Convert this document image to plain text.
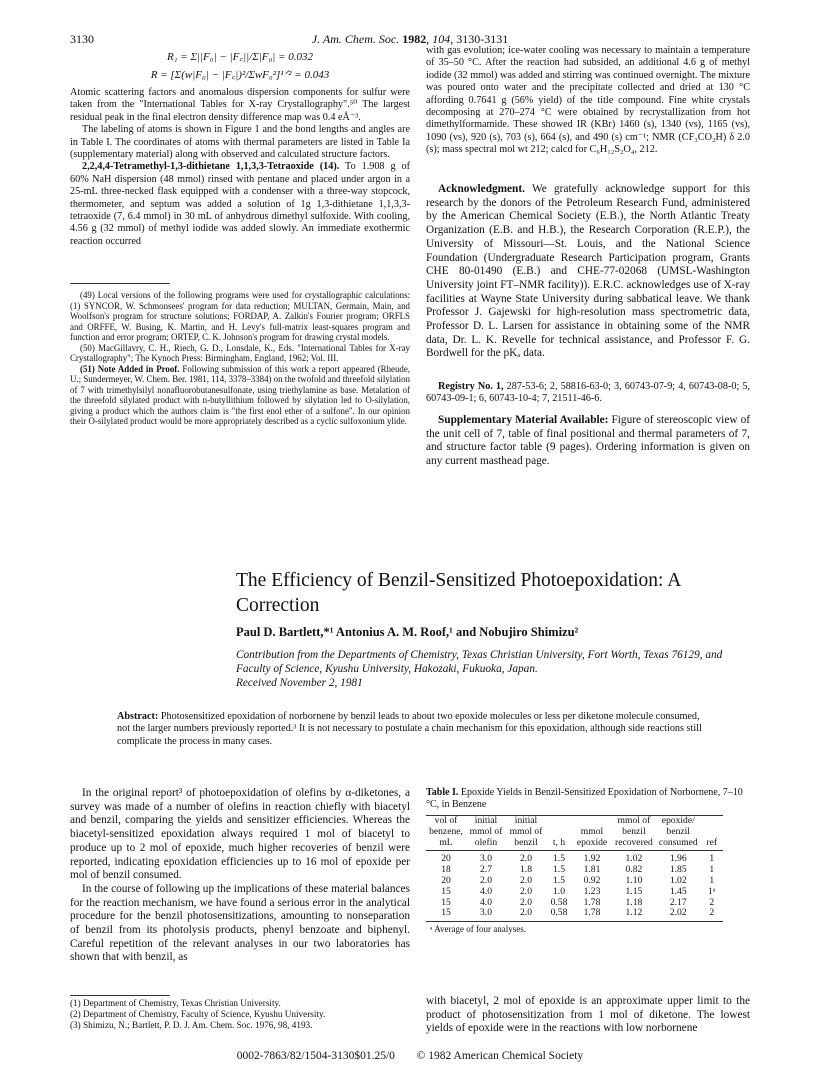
3130	J. Am. Chem. Soc. 1982, 104, 3130-3131
R₁ = Σ||F₀| − |F꜀||/Σ|F₀| = 0.032
R = [Σ(w|F₀| − |F꜀|)²/ΣwF₀²]¹ᐟ² = 0.043

Atomic scattering factors and anomalous dispersion components for sulfur were taken from the "International Tables for X-ray Crystallography".⁵⁰ The largest residual peak in the final electron density difference map was 0.4 eÅ⁻³.

The labeling of atoms is shown in Figure 1 and the bond lengths and angles are in Table I. The coordinates of atoms with thermal parameters are listed in Table Ia (supplementary material) along with observed and calculated structure factors.

2,2,4,4-Tetramethyl-1,3-dithietane 1,1,3,3-Tetraoxide (14). To 1.908 g of 60% NaH dispersion (48 mmol) rinsed with pentane and placed under argon in a 25-mL three-necked flask equipped with a condenser with a three-way stopcock, thermometer, and septum was added a solution of 1g 1,3-dithietane 1,1,3,3-tetraoxide (7, 6.4 mmol) in 30 mL of anhydrous dimethyl sulfoxide. With cooling, 4.56 g (32 mmol) of methyl iodide was added slowly. An immediate exothermic reaction occurred

(49) Local versions of the following programs were used for crystallographic calculations: (1) SYNCOR, W. Schmonsees' program for data reduction; MULTAN, Germain, Main, and Woolfson's program for structure solutions; FORDAP, A. Zalkin's Fourier program; ORFLS and ORFFE, W. Busing, K. Martin, and H. Levy's full-matrix least-squares program and function and error program; ORTEP, C. K. Johnson's program for drawing crystal models.

(50) MacGillavry, C. H., Riech, G. D., Lonsdale, K., Eds. "International Tables for X-ray Crystallography"; The Kynoch Press: Birmingham, England, 1962; Vol. III.

(51) Note Added in Proof. Following submission of this work a report appeared (Rheude, U.; Sundermeyer, W. Chem. Ber. 1981, 114, 3378–3384) on the twofold and threefold silylation of 7 with trimethylsilyl nonafluorobutanesulfonate, using triethylamine as base. Metalation of the threefold silylated product with n-butyllithium followed by silylation led to O-silylation, giving a product which the authors claim is "the first enol ether of a sulfone". In our opinion their O-silylated product would be more appropriately described as a cyclic sulfoxonium ylide.

with gas evolution; ice-water cooling was necessary to maintain a temperature of 35–50 °C. After the reaction had subsided, an additional 4.6 g of methyl iodide (32 mmol) was added and stirring was continued overnight. The mixture was poured onto water and the precipitate collected and dried at 130 °C affording 0.7641 g (56% yield) of the title compound. Fine white crystals decomposing at 270–274 °C were obtained by recrystallization from hot dimethylformamide. These showed IR (KBr) 1460 (s), 1340 (vs), 1165 (vs), 1090 (vs), 920 (s), 703 (s), 664 (s), and 490 (s) cm⁻¹; NMR (CF₃CO₂H) δ 2.0 (s); mass spectral mol wt 212; calcd for C₆H₁₂S₂O₄, 212.

Acknowledgment. We gratefully acknowledge support for this research by the donors of the Petroleum Research Fund, administered by the American Chemical Society (E.B.), the North Atlantic Treaty Organization (E.B. and H.B.), the Research Corporation (R.E.P.), the University of Missouri—St. Louis, and the National Science Foundation (Undergraduate Research Participation program, Grants CHE 80-01490 (E.B.) and CHE-77-02068 (UMSL-Washington University joint FT–NMR facility)). E.R.C. acknowledges use of X-ray facilities at Wayne State University during sabbatical leave. We thank Professor J. Gajewski for high-resolution mass spectrometric data, Professor D. L. Larsen for assistance in obtaining some of the NMR data, Dr. L. K. Revelle for technical assistance, and Professor F. G. Bordwell for the pKₐ data.

Registry No. 1, 287-53-6; 2, 58816-63-0; 3, 60743-07-9; 4, 60743-08-0; 5, 60743-09-1; 6, 60743-10-4; 7, 21511-46-6.

Supplementary Material Available: Figure of stereoscopic view of the unit cell of 7, table of final positional and thermal parameters of 7, and structure factor table (9 pages). Ordering information is given on any current masthead page.

The Efficiency of Benzil-Sensitized Photoepoxidation: A Correction
Paul D. Bartlett,*¹ Antonius A. M. Roof,¹ and Nobujiro Shimizu²
Contribution from the Departments of Chemistry, Texas Christian University, Fort Worth, Texas 76129, and Faculty of Science, Kyushu University, Hakozaki, Fukuoka, Japan.
Received November 2, 1981
Abstract: Photosensitized epoxidation of norbornene by benzil leads to about two epoxide molecules or less per diketone molecule consumed, not the larger numbers previously reported.³ It is not necessary to postulate a chain mechanism for this epoxidation, although side reactions still complicate the process in many cases.

In the original report³ of photoepoxidation of olefins by α-diketones, a survey was made of a number of olefins in reaction chiefly with biacetyl and benzil, comparing the yields and sensitizer efficiencies. Whereas the biacetyl-sensitized epoxidation always required 1 mol of biacetyl to produce up to 2 mol of epoxide, much higher recoveries of benzil were reported, indicating epoxidation efficiencies up to 16 mol of epoxide per mol of benzil consumed.

In the course of following up the implications of these material balances for the reaction mechanism, we have found a serious error in the analytical procedure for the benzil photosensitizations, amounting to nonseparation of benzil from its photolysis products, phenyl benzoate and biphenyl. Careful repetition of the relevant analyses in our two laboratories has shown that with benzil, as

(1) Department of Chemistry, Texas Christian University.
(2) Department of Chemistry, Faculty of Science, Kyushu University.
(3) Shimizu, N.; Bartlett, P. D. J. Am. Chem. Soc. 1976, 98, 4193.
Table I. Epoxide Yields in Benzil-Sensitized Epoxidation of Norbornene, 7–10 °C, in Benzene
vol of benzene, mL	initial mmol of olefin	initial mmol of benzil	t, h	mmol epoxide	mmol of benzil recovered	epoxide/ benzil consumed	ref
20	3.0	2.0	1.5	1.92	1.02	1.96	1
18	2.7	1.8	1.5	1.81	0.82	1.85	1
20	2.0	2.0	1.5	0.92	1.10	1.02	1
15	4.0	2.0	1.0	1.23	1.15	1.45	1ᵃ
15	4.0	2.0	0.58	1.78	1.18	2.17	2
15	3.0	2.0	0.58	1.78	1.12	2.02	2
ᵃ Average of four analyses.

with biacetyl, 2 mol of epoxide is an approximate upper limit to the product of photosensitization from 1 mol of diketone. The lowest yields of epoxide were in the reactions with low norbornene

0002-7863/82/1504-3130$01.25/0 © 1982 American Chemical Society
